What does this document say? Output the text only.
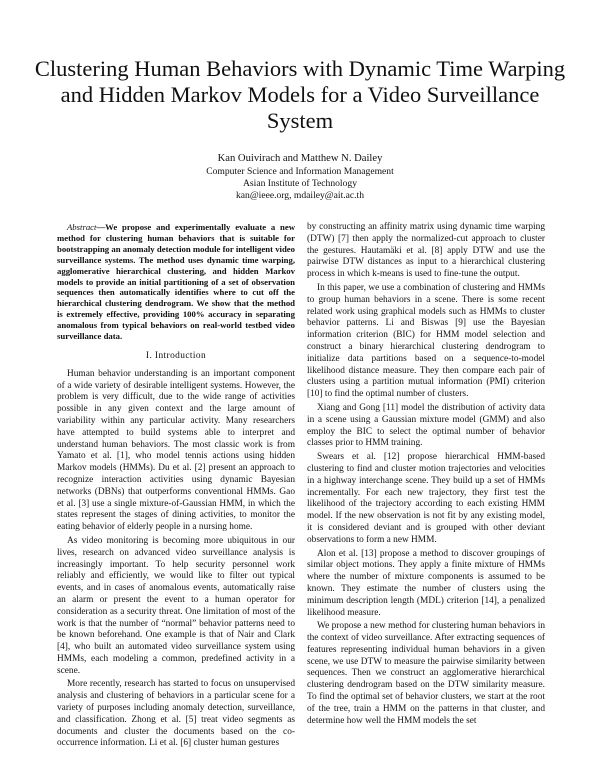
Clustering Human Behaviors with Dynamic Time Warping and Hidden Markov Models for a Video Surveillance System
Kan Ouivirach and Matthew N. Dailey
Computer Science and Information Management
Asian Institute of Technology
kan@ieee.org, mdailey@ait.ac.th

Abstract—We propose and experimentally evaluate a new method for clustering human behaviors that is suitable for bootstrapping an anomaly detection module for intelligent video surveillance systems. The method uses dynamic time warping, agglomerative hierarchical clustering, and hidden Markov models to provide an initial partitioning of a set of observation sequences then automatically identifies where to cut off the hierarchical clustering dendrogram. We show that the method is extremely effective, providing 100% accuracy in separating anomalous from typical behaviors on real-world testbed video surveillance data.

I. Introduction

Human behavior understanding is an important component of a wide variety of desirable intelligent systems. However, the problem is very difficult, due to the wide range of activities possible in any given context and the large amount of variability within any particular activity. Many researchers have attempted to build systems able to interpret and understand human behaviors. The most classic work is from Yamato et al. [1], who model tennis actions using hidden Markov models (HMMs). Du et al. [2] present an approach to recognize interaction activities using dynamic Bayesian networks (DBNs) that outperforms conventional HMMs. Gao et al. [3] use a single mixture-of-Gaussian HMM, in which the states represent the stages of dining activities, to monitor the eating behavior of elderly people in a nursing home.

As video monitoring is becoming more ubiquitous in our lives, research on advanced video surveillance analysis is increasingly important. To help security personnel work reliably and efficiently, we would like to filter out typical events, and in cases of anomalous events, automatically raise an alarm or present the event to a human operator for consideration as a security threat. One limitation of most of the work is that the number of “normal” behavior patterns need to be known beforehand. One example is that of Nair and Clark [4], who built an automated video surveillance system using HMMs, each modeling a common, predefined activity in a scene.

More recently, research has started to focus on unsupervised analysis and clustering of behaviors in a particular scene for a variety of purposes including anomaly detection, surveillance, and classification. Zhong et al. [5] treat video segments as documents and cluster the documents based on the co-occurrence information. Li et al. [6] cluster human gestures

by constructing an affinity matrix using dynamic time warping (DTW) [7] then apply the normalized-cut approach to cluster the gestures. Hautamäki et al. [8] apply DTW and use the pairwise DTW distances as input to a hierarchical clustering process in which k-means is used to fine-tune the output.

In this paper, we use a combination of clustering and HMMs to group human behaviors in a scene. There is some recent related work using graphical models such as HMMs to cluster behavior patterns. Li and Biswas [9] use the Bayesian information criterion (BIC) for HMM model selection and construct a binary hierarchical clustering dendrogram to initialize data partitions based on a sequence-to-model likelihood distance measure. They then compare each pair of clusters using a partition mutual information (PMI) criterion [10] to find the optimal number of clusters.

Xiang and Gong [11] model the distribution of activity data in a scene using a Gaussian mixture model (GMM) and also employ the BIC to select the optimal number of behavior classes prior to HMM training.

Swears et al. [12] propose hierarchical HMM-based clustering to find and cluster motion trajectories and velocities in a highway interchange scene. They build up a set of HMMs incrementally. For each new trajectory, they first test the likelihood of the trajectory according to each existing HMM model. If the new observation is not fit by any existing model, it is considered deviant and is grouped with other deviant observations to form a new HMM.

Alon et al. [13] propose a method to discover groupings of similar object motions. They apply a finite mixture of HMMs where the number of mixture components is assumed to be known. They estimate the number of clusters using the minimum description length (MDL) criterion [14], a penalized likelihood measure.

We propose a new method for clustering human behaviors in the context of video surveillance. After extracting sequences of features representing individual human behaviors in a given scene, we use DTW to measure the pairwise similarity between sequences. Then we construct an agglomerative hierarchical clustering dendrogram based on the DTW similarity measure. To find the optimal set of behavior clusters, we start at the root of the tree, train a HMM on the patterns in that cluster, and determine how well the HMM models the set
